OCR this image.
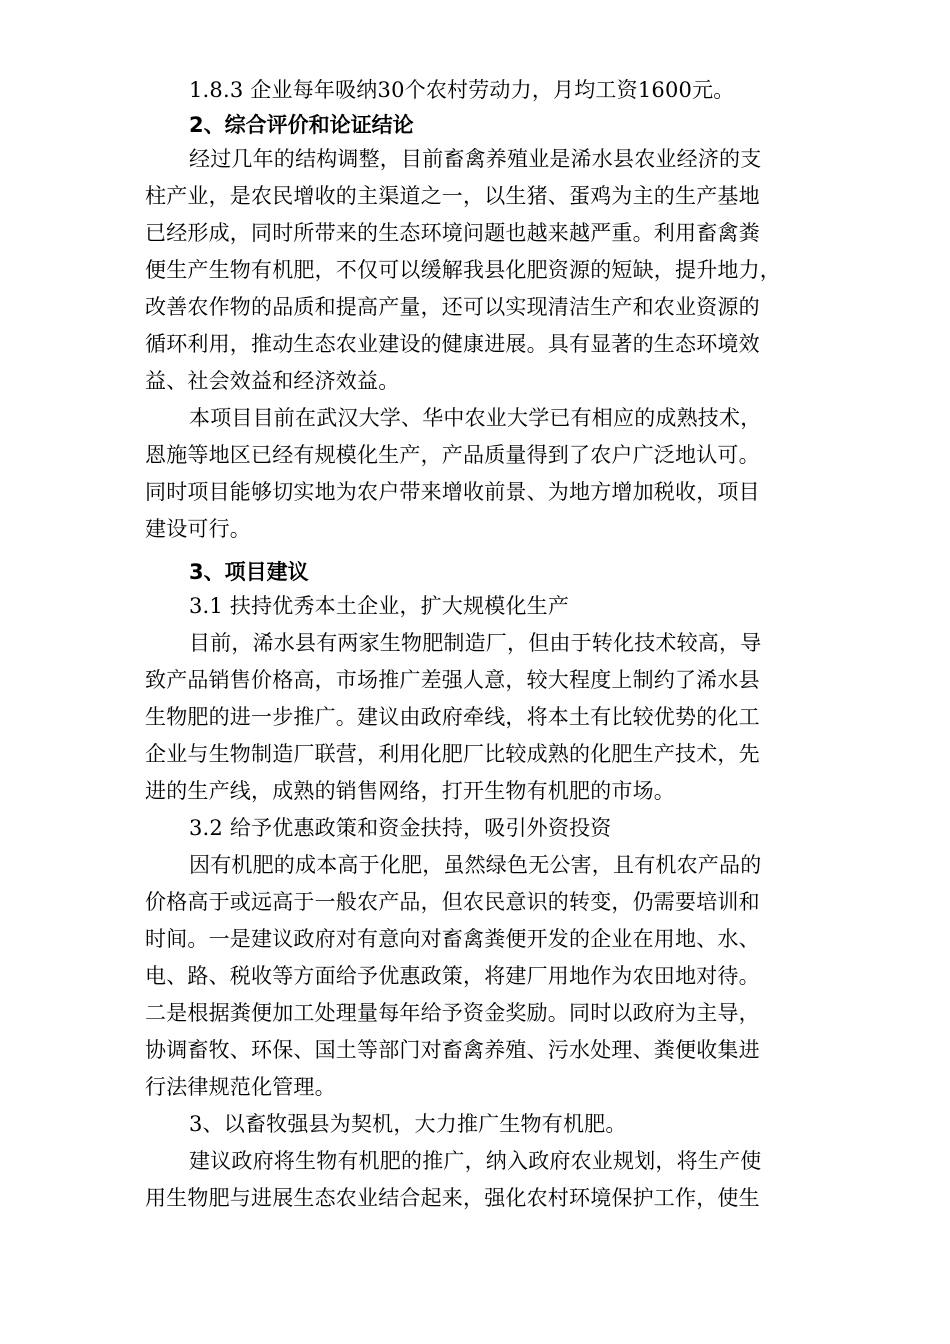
1.8.3 企业每年吸纳30个农村劳动力，月均工资1600元。
2、综合评价和论证结论
经过几年的结构调整，目前畜禽养殖业是浠水县农业经济的支
柱产业，是农民增收的主渠道之一，以生猪、蛋鸡为主的生产基地
已经形成，同时所带来的生态环境问题也越来越严重。利用畜禽粪
便生产生物有机肥，不仅可以缓解我县化肥资源的短缺，提升地力，
改善农作物的品质和提高产量，还可以实现清洁生产和农业资源的
循环利用，推动生态农业建设的健康进展。具有显著的生态环境效
益、社会效益和经济效益。
本项目目前在武汉大学、华中农业大学已有相应的成熟技术，
恩施等地区已经有规模化生产，产品质量得到了农户广泛地认可。
同时项目能够切实地为农户带来增收前景、为地方增加税收，项目
建设可行。
3、项目建议
3.1 扶持优秀本土企业，扩大规模化生产
目前，浠水县有两家生物肥制造厂，但由于转化技术较高，导
致产品销售价格高，市场推广差强人意，较大程度上制约了浠水县
生物肥的进一步推广。建议由政府牵线，将本土有比较优势的化工
企业与生物制造厂联营，利用化肥厂比较成熟的化肥生产技术，先
进的生产线，成熟的销售网络，打开生物有机肥的市场。
3.2 给予优惠政策和资金扶持，吸引外资投资
因有机肥的成本高于化肥，虽然绿色无公害，且有机农产品的
价格高于或远高于一般农产品，但农民意识的转变，仍需要培训和
时间。一是建议政府对有意向对畜禽粪便开发的企业在用地、水、
电、路、税收等方面给予优惠政策，将建厂用地作为农田地对待。
二是根据粪便加工处理量每年给予资金奖励。同时以政府为主导，
协调畜牧、环保、国土等部门对畜禽养殖、污水处理、粪便收集进
行法律规范化管理。
3、以畜牧强县为契机，大力推广生物有机肥。
建议政府将生物有机肥的推广，纳入政府农业规划，将生产使
用生物肥与进展生态农业结合起来，强化农村环境保护工作，使生
